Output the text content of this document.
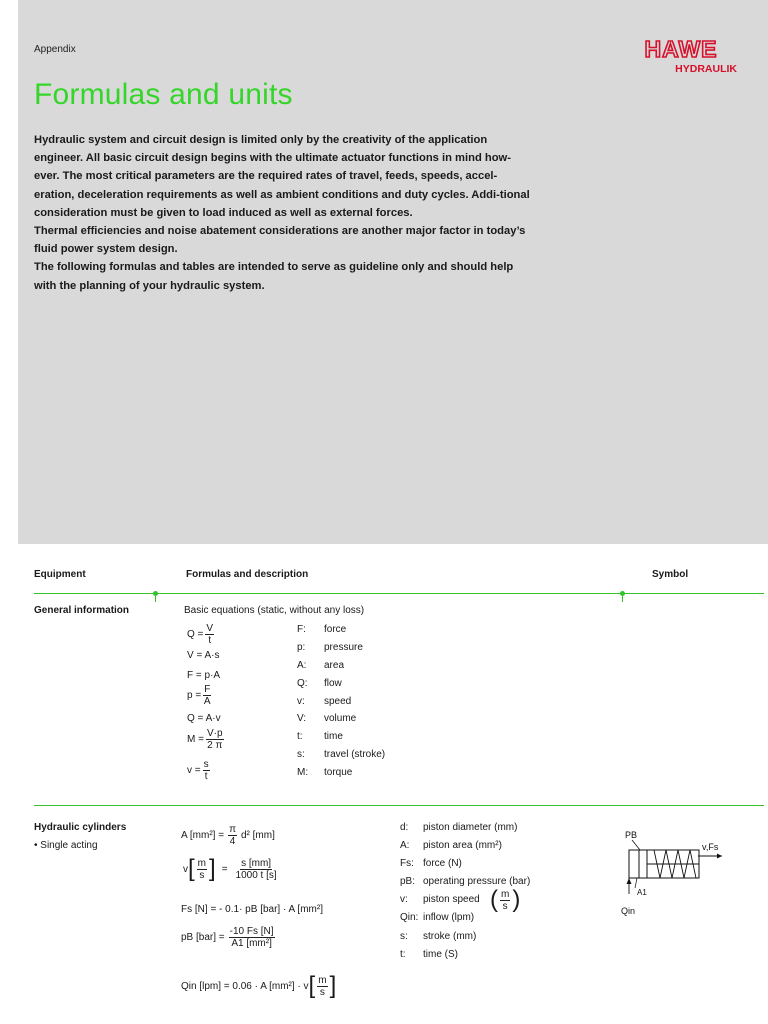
Appendix	HAWE
HYDRAULIK
Formulas and units

Hydraulic system and circuit design is limited only by the creativity of the application engineer. All basic circuit design begins with the ultimate actuator functions in mind how-ever. The most critical parameters are the required rates of travel, feeds, speeds, accel-eration, deceleration requirements as well as ambient conditions and duty cycles. Addi-tional consideration must be given to load induced as well as external forces.

Thermal efficiencies and noise abatement considerations are another major factor in today’s fluid power system design.

The following formulas and tables are intended to serve as guideline only and should help with the planning of your hydraulic system.

Equipment	Formulas and description	Symbol
General information	Basic equations (static, without any loss)
$Q = \frac{V}{t}$
V = A·s
F = p·A
$p = \frac{F}{A}$
Q = A·v
$M = \frac{V\cdot p}{2 \pi}$
$v = \frac{s}{t}$
F: force
p: pressure
A: area
Q: flow
v: speed
V: volume
t: time
s: travel (stroke)
M: torque
Hydraulic cylinders
• Single acting
A $[mm^2] = \frac{\pi}{4} d^2$ [mm]
v [ $\frac{m}{s}$ ] = $\frac{s [mm]}{1000 t [s]}$
Fs [N] = - 0.1· pB [bar] · A [mm²]
pB $[bar] = \frac{-10 Fs [N]}{\text{A1 [mm²]}}$
Qin [lpm] = 0.06 · A [mm²] · v [ $\frac{m}{s}$ ]
d: piston diameter (mm)
A: piston area (mm²)
Fs: force (N)
pB: operating pressure (bar)
v: piston speed ( $\frac{m}{s}$ )
Qin: inflow (lpm)
s: stroke (mm)
t: time (S)
PB
v,Fs
A1
Qin
